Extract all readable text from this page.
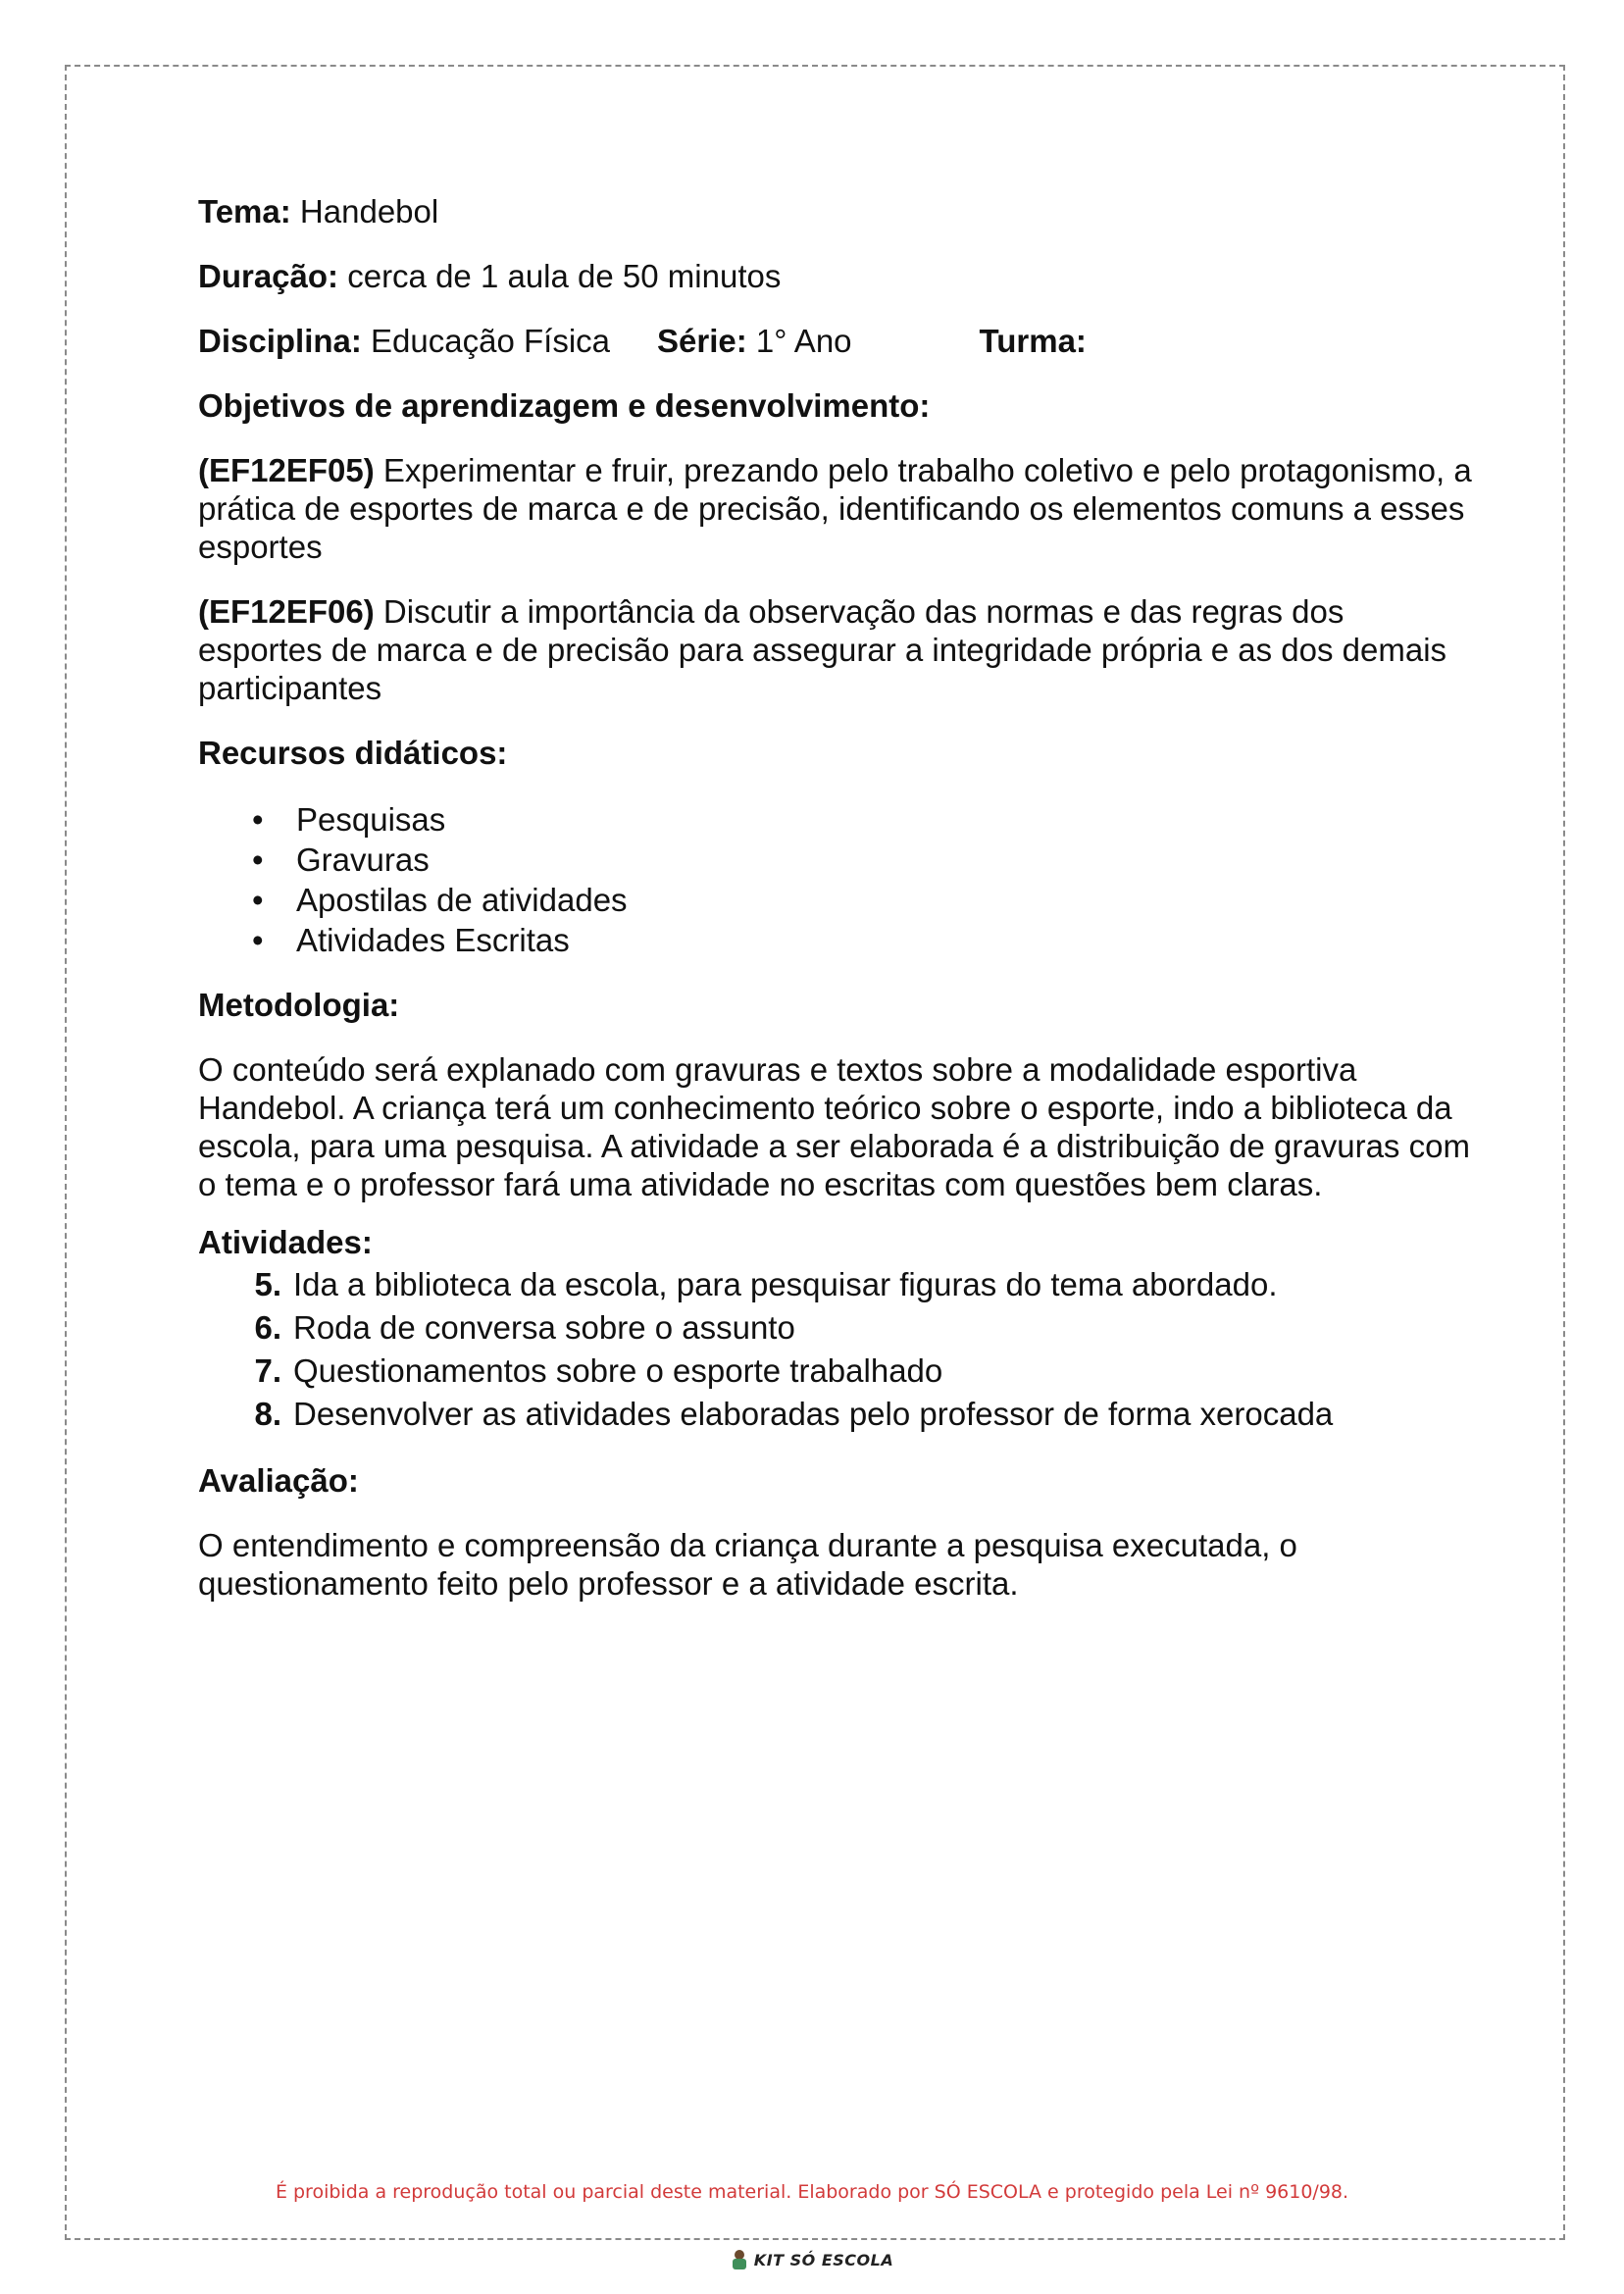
Tema: Handebol

Duração: cerca de 1 aula de 50 minutos

Disciplina: Educação Física Série: 1° Ano	Turma:

Objetivos de aprendizagem e desenvolvimento:

(EF12EF05) Experimentar e fruir, prezando pelo trabalho coletivo e pelo protagonismo, a prática de esportes de marca e de precisão, identificando os elementos comuns a esses esportes

(EF12EF06) Discutir a importância da observação das normas e das regras dos esportes de marca e de precisão para assegurar a integridade própria e as dos demais participantes

Recursos didáticos:

• Pesquisas
• Gravuras
• Apostilas de atividades
• Atividades Escritas

Metodologia:

O conteúdo será explanado com gravuras e textos sobre a modalidade esportiva Handebol. A criança terá um conhecimento teórico sobre o esporte, indo a biblioteca da escola, para uma pesquisa. A atividade a ser elaborada é a distribuição de gravuras com o tema e o professor fará uma atividade no escritas com questões bem claras.

Atividades:

5. Ida a biblioteca da escola, para pesquisar figuras do tema abordado.
6. Roda de conversa sobre o assunto
7. Questionamentos sobre o esporte trabalhado
8. Desenvolver as atividades elaboradas pelo professor de forma xerocada

Avaliação:

O entendimento e compreensão da criança durante a pesquisa executada, o questionamento feito pelo professor e a atividade escrita.

É proibida a reprodução total ou parcial deste material. Elaborado por SÓ ESCOLA e protegido pela Lei nº 9610/98.
KIT SÓ ESCOLA
